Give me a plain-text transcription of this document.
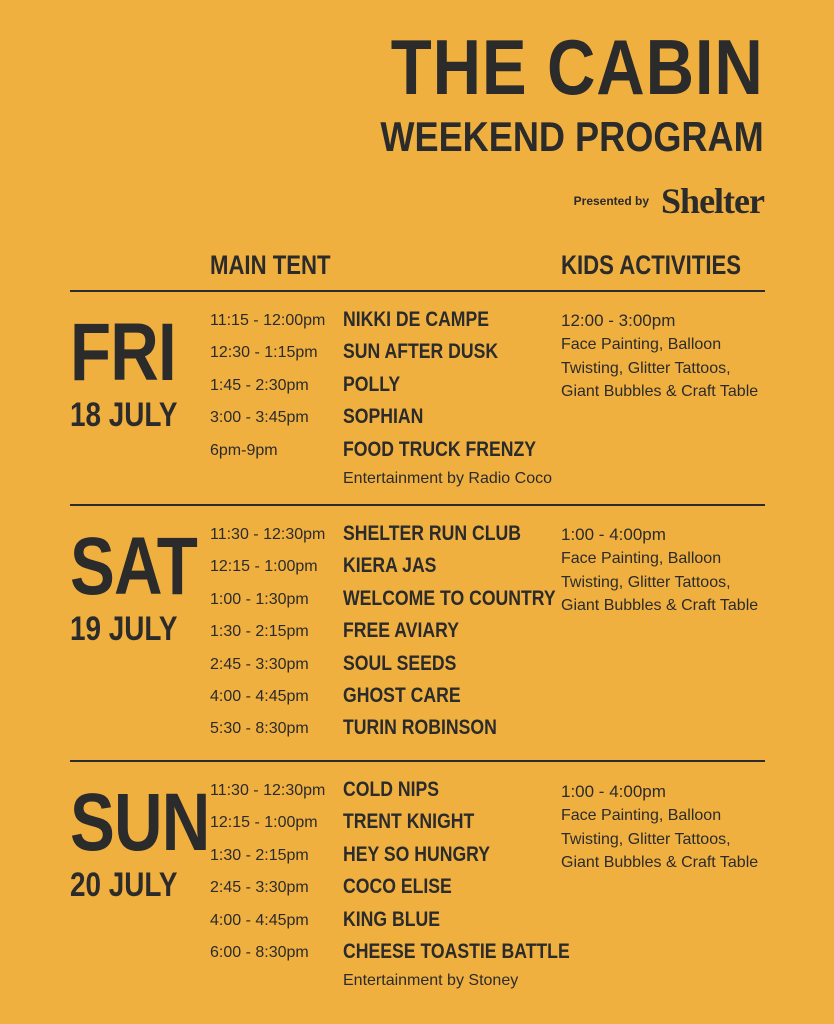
THE CABIN
WEEKEND PROGRAM
Presented by Shelter
MAIN TENT	KIDS ACTIVITIES
FRI
18 JULY
11:15 - 12:00pm NIKKI DE CAMPE
12:30 - 1:15pm SUN AFTER DUSK
1:45 - 2:30pm POLLY
3:00 - 3:45pm SOPHIAN
6pm-9pm	FOOD TRUCK FRENZY
Entertainment by Radio Coco
12:00 - 3:00pm
Face Painting, Balloon Twisting, Glitter Tattoos, Giant Bubbles & Craft Table
SAT
19 JULY
11:30 - 12:30pm SHELTER RUN CLUB
12:15 - 1:00pm KIERA JAS
1:00 - 1:30pm WELCOME TO COUNTRY
1:30 - 2:15pm FREE AVIARY
2:45 - 3:30pm SOUL SEEDS
4:00 - 4:45pm GHOST CARE
5:30 - 8:30pm TURIN ROBINSON
1:00 - 4:00pm
Face Painting, Balloon Twisting, Glitter Tattoos, Giant Bubbles & Craft Table
SUN
20 JULY
11:30 - 12:30pm COLD NIPS
12:15 - 1:00pm TRENT KNIGHT
1:30 - 2:15pm HEY SO HUNGRY
2:45 - 3:30pm COCO ELISE
4:00 - 4:45pm KING BLUE
6:00 - 8:30pm CHEESE TOASTIE BATTLE
Entertainment by Stoney
1:00 - 4:00pm
Face Painting, Balloon Twisting, Glitter Tattoos, Giant Bubbles & Craft Table
